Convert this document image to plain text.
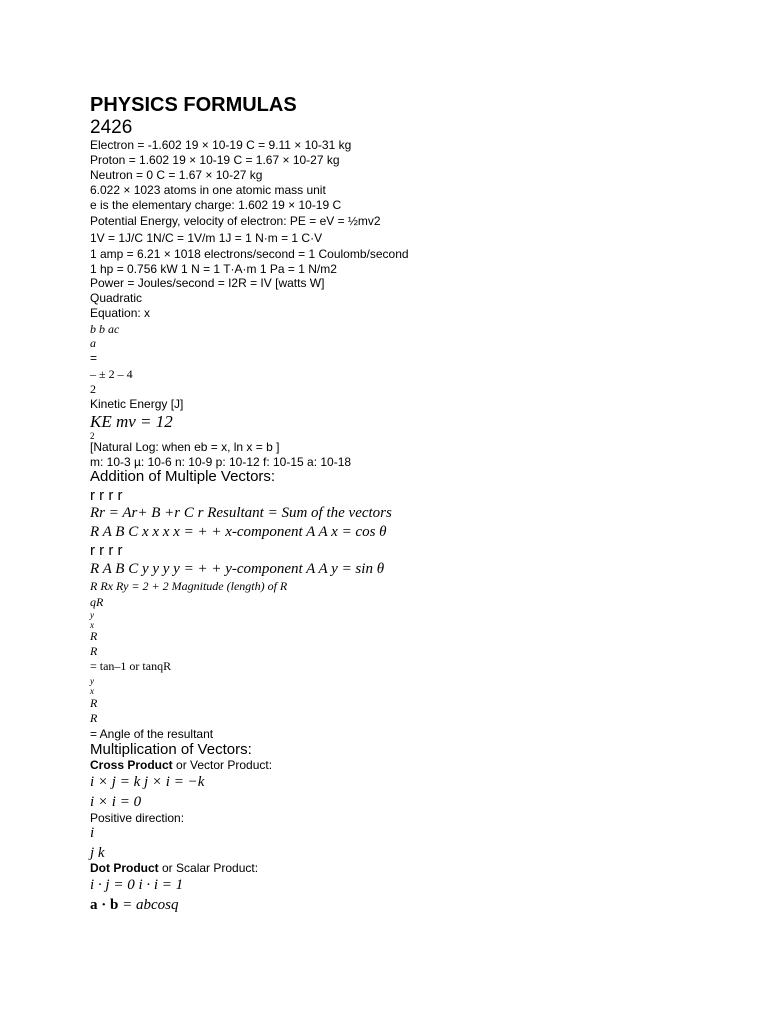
PHYSICS FORMULAS
2426
Electron = -1.602 19 × 10-19 C = 9.11 × 10-31 kg
Proton = 1.602 19 × 10-19 C = 1.67 × 10-27 kg
Neutron = 0 C = 1.67 × 10-27 kg
6.022 × 1023 atoms in one atomic mass unit
e is the elementary charge: 1.602 19 × 10-19 C
Potential Energy, velocity of electron: PE = eV = ½mv2
1V = 1J/C 1N/C = 1V/m 1J = 1 N·m = 1 C·V
1 amp = 6.21 × 1018 electrons/second = 1 Coulomb/second
1 hp = 0.756 kW 1 N = 1 T·A·m 1 Pa = 1 N/m2
Power = Joules/second = I2R = IV [watts W]
Quadratic
Equation: x
b b ac
a
=
– ± 2 – 4
2
Kinetic Energy [J]
KE mv = 12
2
[Natural Log: when eb = x, ln x = b ]
m: 10-3 µ: 10-6 n: 10-9 p: 10-12 f: 10-15 a: 10-18
Addition of Multiple Vectors:
r r r r
Rr = Ar+ B +r C r Resultant = Sum of the vectors
R A B C x x x x = + + x-component A A x = cos θ
r r r r
R A B C y y y y = + + y-component A A y = sin θ
R Rx Ry = 2 + 2 Magnitude (length) of R
qR
y
x
R
R
= tan–1 or tanqR
y
x
R
R
= Angle of the resultant
Multiplication of Vectors:
Cross Product or Vector Product:
i × j = k j × i = −k
i × i = 0
Positive direction:
i
j k
Dot Product or Scalar Product:
i · j = 0 i · i = 1
a · b = abcosq
